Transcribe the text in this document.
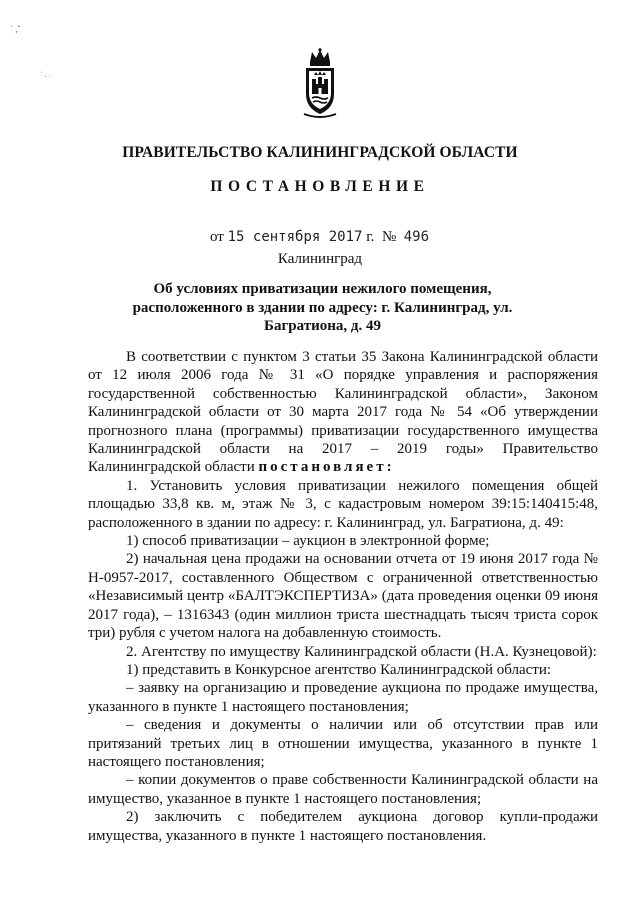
˙ ,ˇ
˙ . .
ПРАВИТЕЛЬСТВО КАЛИНИНГРАДСКОЙ ОБЛАСТИ
ПОСТАНОВЛЕНИЕ
от 15 сентября 2017 г. № 496
Калининград
Об условиях приватизации нежилого помещения, расположенного в здании по адресу: г. Калининград, ул. Багратиона, д. 49

В соответствии с пунктом 3 статьи 35 Закона Калининградской области от 12 июля 2006 года № 31 «О порядке управления и распоряжения государственной собственностью Калининградской области», Законом Калининградской области от 30 марта 2017 года № 54 «Об утверждении прогнозного плана (программы) приватизации государственного имущества Калининградской области на 2017 – 2019 годы» Правительство Калининградской области постановляет:

1. Установить условия приватизации нежилого помещения общей площадью 33,8 кв. м, этаж № 3, с кадастровым номером 39:15:140415:48, расположенного в здании по адресу: г. Калининград, ул. Багратиона, д. 49:

1) способ приватизации – аукцион в электронной форме;

2) начальная цена продажи на основании отчета от 19 июня 2017 года № Н-0957-2017, составленного Обществом с ограниченной ответственностью «Независимый центр «БАЛТЭКСПЕРТИЗА» (дата проведения оценки 09 июня 2017 года), – 1316343 (один миллион триста шестнадцать тысяч триста сорок три) рубля с учетом налога на добавленную стоимость.

2. Агентству по имуществу Калининградской области (Н.А. Кузнецовой):

1) представить в Конкурсное агентство Калининградской области:

– заявку на организацию и проведение аукциона по продаже имущества, указанного в пункте 1 настоящего постановления;

– сведения и документы о наличии или об отсутствии прав или притязаний третьих лиц в отношении имущества, указанного в пункте 1 настоящего постановления;

– копии документов о праве собственности Калининградской области на имущество, указанное в пункте 1 настоящего постановления;

2) заключить с победителем аукциона договор купли-продажи имущества, указанного в пункте 1 настоящего постановления.
